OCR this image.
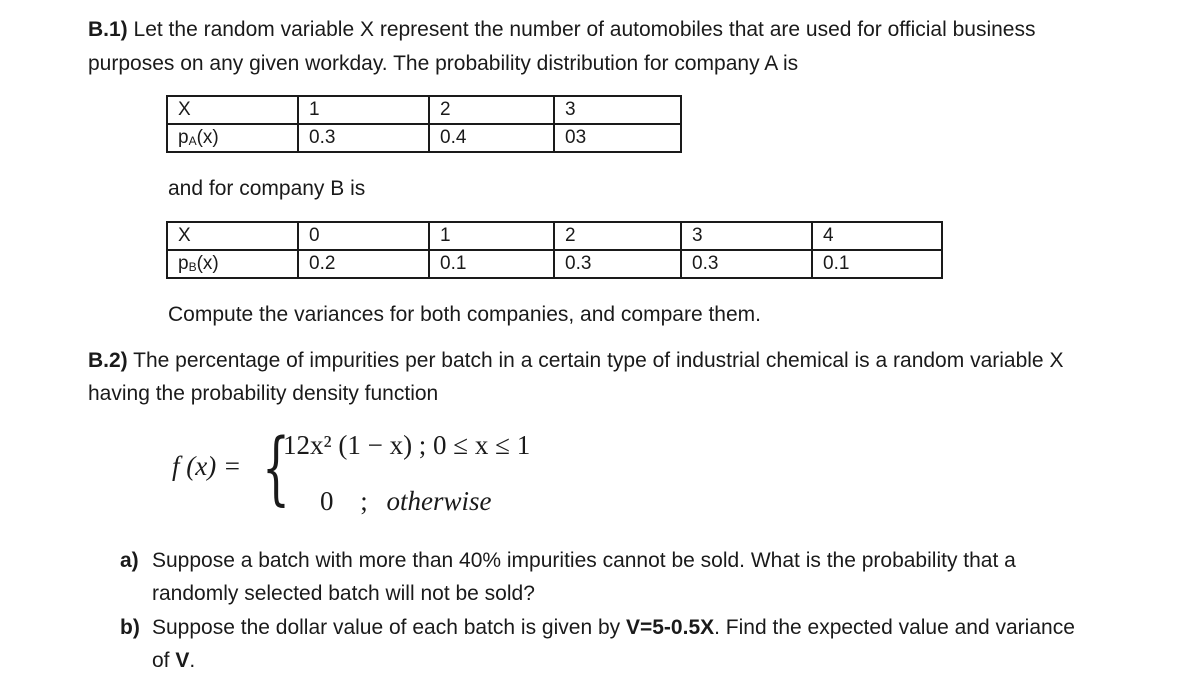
B.1) Let the random variable X represent the number of automobiles that are used for official business
purposes on any given workday. The probability distribution for company A is
X	1	2	3
$p_A(x)$	0.3	0.4	03
and for company B is
X	0	1	2	3	4
$p_B(x)$	0.2	0.1	0.3	0.3	0.1
Compute the variances for both companies, and compare them.
B.2) The percentage of impurities per batch in a certain type of industrial chemical is a random variable X
having the probability density function
f (x) = {
12x² (1 − x) ; 0 ≤ x ≤ 1
0 ; otherwise
a) Suppose a batch with more than 40% impurities cannot be sold. What is the probability that a
randomly selected batch will not be sold?
b) Suppose the dollar value of each batch is given by V=5-0.5X. Find the expected value and variance
of V.
